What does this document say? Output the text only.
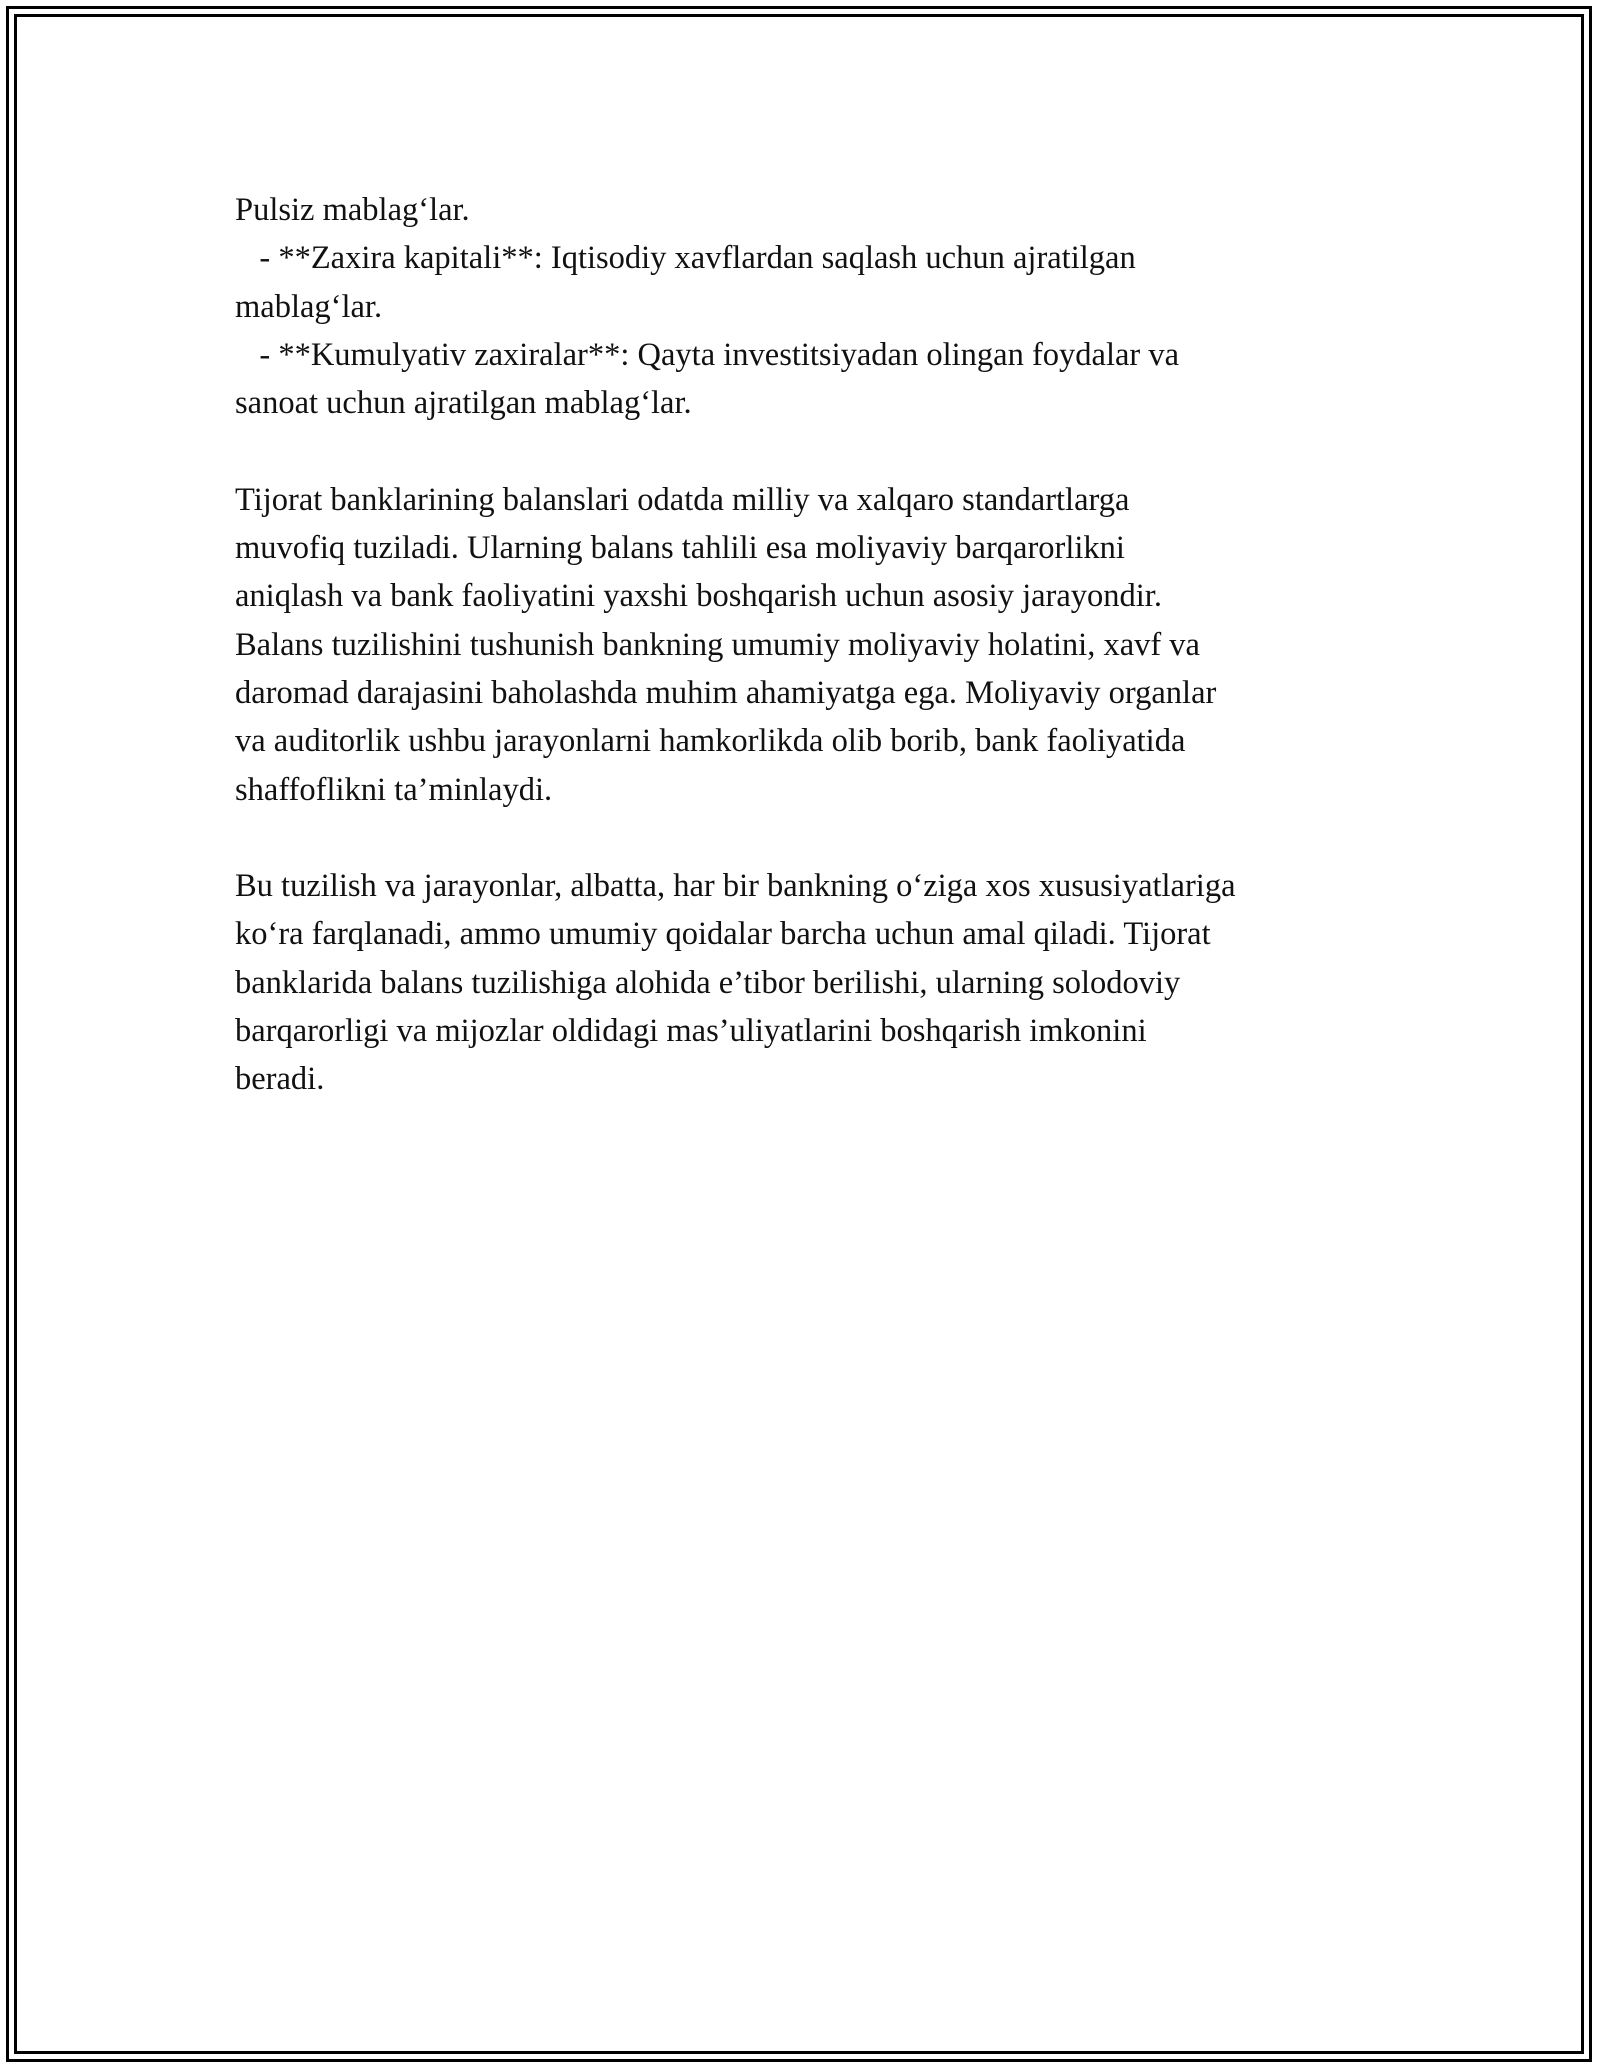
Pulsiz mablag‘lar.
- **Zaxira kapitali**: Iqtisodiy xavflardan saqlash uchun ajratilgan
mablag‘lar.
- **Kumulyativ zaxiralar**: Qayta investitsiyadan olingan foydalar va
sanoat uchun ajratilgan mablag‘lar.
Tijorat banklarining balanslari odatda milliy va xalqaro standartlarga
muvofiq tuziladi. Ularning balans tahlili esa moliyaviy barqarorlikni
aniqlash va bank faoliyatini yaxshi boshqarish uchun asosiy jarayondir.
Balans tuzilishini tushunish bankning umumiy moliyaviy holatini, xavf va
daromad darajasini baholashda muhim ahamiyatga ega. Moliyaviy organlar
va auditorlik ushbu jarayonlarni hamkorlikda olib borib, bank faoliyatida
shaffoflikni ta’minlaydi.
Bu tuzilish va jarayonlar, albatta, har bir bankning o‘ziga xos xususiyatlariga
ko‘ra farqlanadi, ammo umumiy qoidalar barcha uchun amal qiladi. Tijorat
banklarida balans tuzilishiga alohida e’tibor berilishi, ularning solodoviy
barqarorligi va mijozlar oldidagi mas’uliyatlarini boshqarish imkonini
beradi.
